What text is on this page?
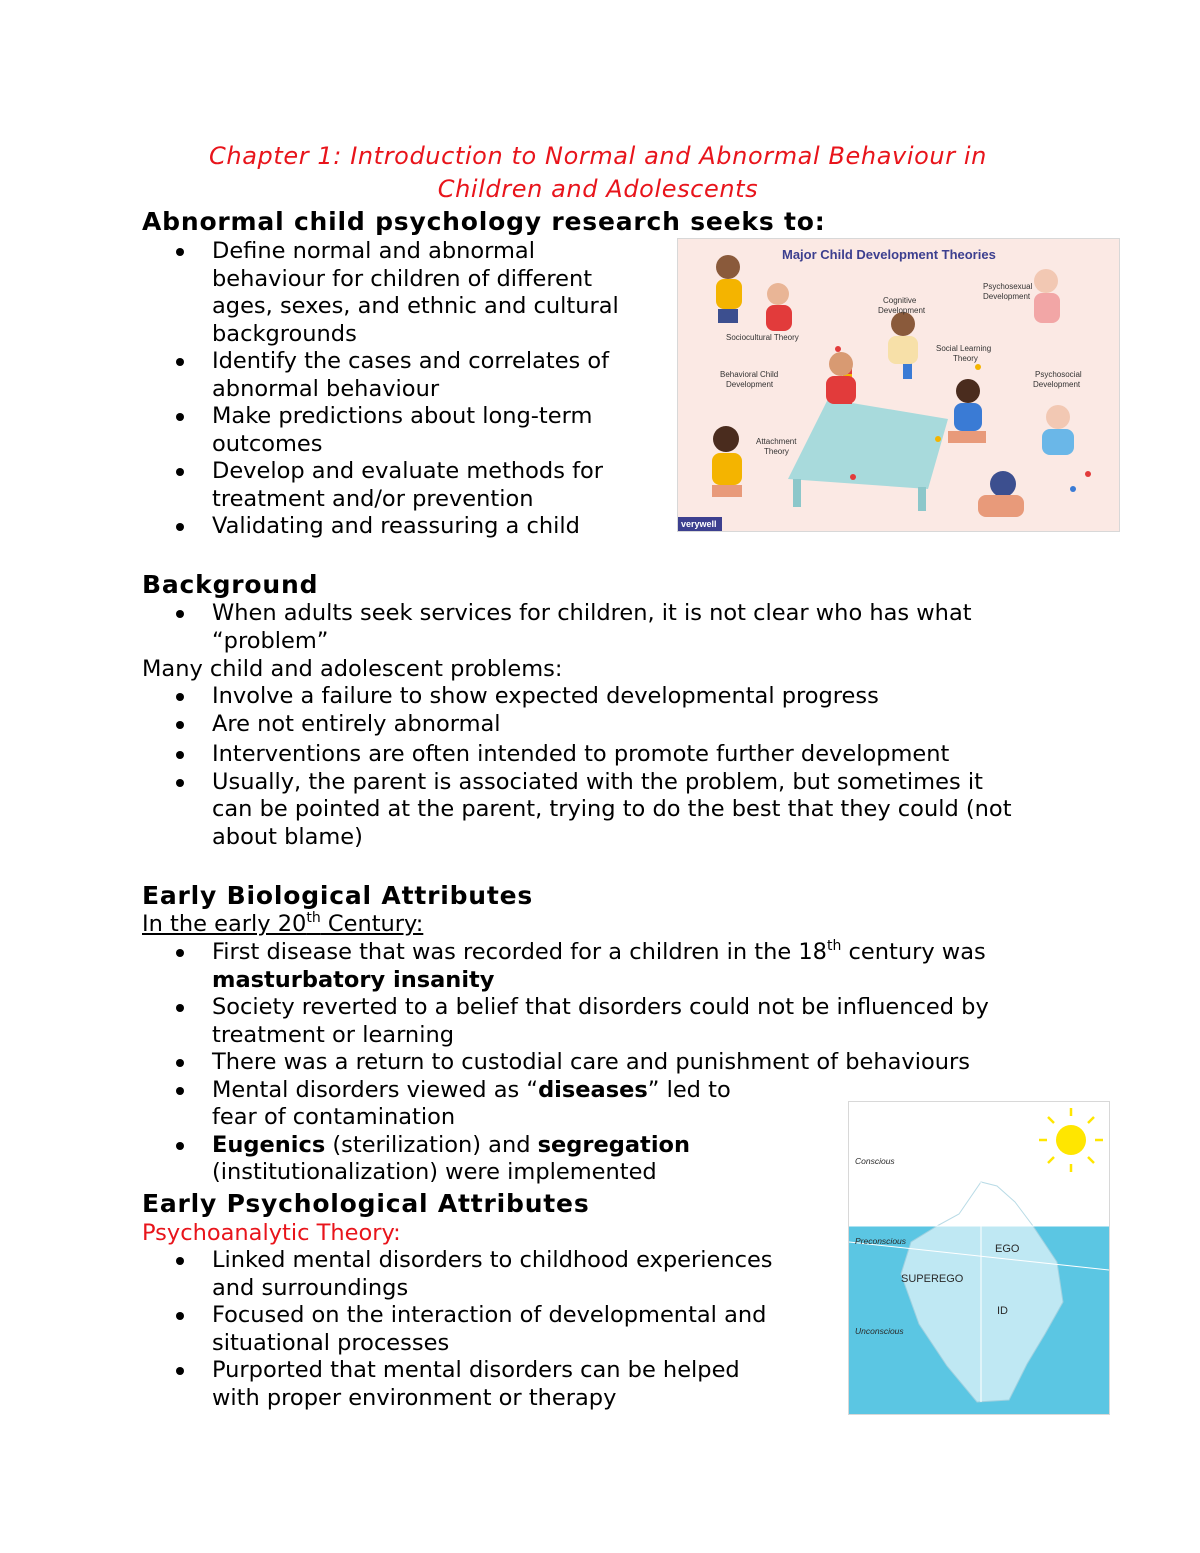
Chapter 1: Introduction to Normal and Abnormal Behaviour in
Children and Adolescents
Abnormal child psychology research seeks to:
Define normal and abnormal
behaviour for children of different
ages, sexes, and ethnic and cultural
backgrounds
Identify the cases and correlates of
abnormal behaviour
Make predictions about long-term
outcomes
Develop and evaluate methods for
treatment and/or prevention
Validating and reassuring a child
Major Child Development Theories
Sociocultural Theory
Cognitive
Development
Psychosexual
Development
Social Learning
Theory
Behavioral Child
Development
Psychosocial
Development
Attachment
Theory
verywell
Background
When adults seek services for children, it is not clear who has what
“problem”
Many child and adolescent problems:
Involve a failure to show expected developmental progress
Are not entirely abnormal
Interventions are often intended to promote further development
Usually, the parent is associated with the problem, but sometimes it
can be pointed at the parent, trying to do the best that they could (not
about blame)
Early Biological Attributes
In the early 20th Century:
First disease that was recorded for a children in the 18th century was
masturbatory insanity
Society reverted to a belief that disorders could not be influenced by
treatment or learning
There was a return to custodial care and punishment of behaviours
Mental disorders viewed as “diseases” led to
fear of contamination
Eugenics (sterilization) and segregation
(institutionalization) were implemented
Early Psychological Attributes
Psychoanalytic Theory:
Linked mental disorders to childhood experiences
and surroundings
Focused on the interaction of developmental and
situational processes
Purported that mental disorders can be helped
with proper environment or therapy
Conscious
Preconscious
Unconscious
EGO
SUPEREGO
ID
